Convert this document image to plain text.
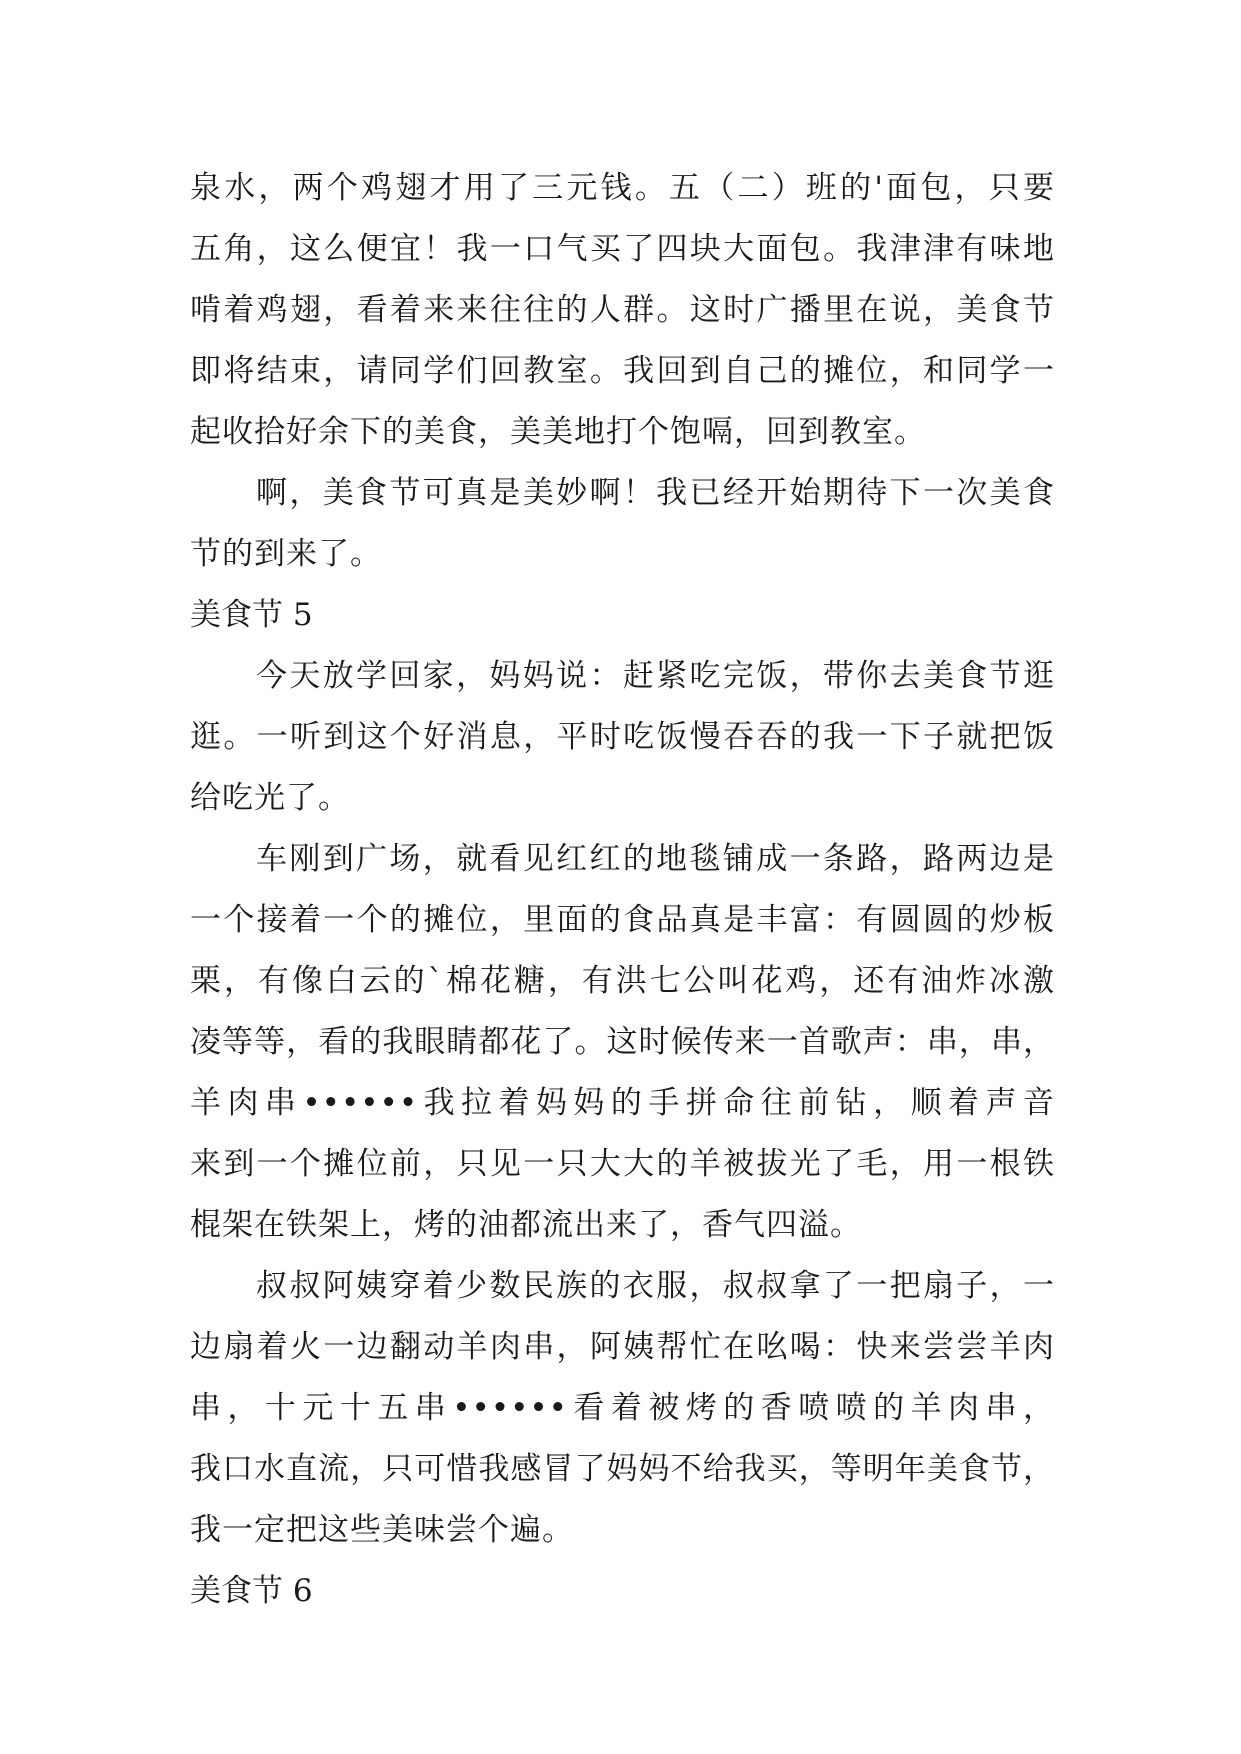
泉水，两个鸡翅才用了三元钱。五（二）班的'面包，只要
五角，这么便宜！我一口气买了四块大面包。我津津有味地
啃着鸡翅，看着来来往往的人群。这时广播里在说，美食节
即将结束，请同学们回教室。我回到自己的摊位，和同学一
起收拾好余下的美食，美美地打个饱嗝，回到教室。
啊，美食节可真是美妙啊！我已经开始期待下一次美食
节的到来了。
美食节 5
今天放学回家，妈妈说：赶紧吃完饭，带你去美食节逛
逛。一听到这个好消息，平时吃饭慢吞吞的我一下子就把饭
给吃光了。
车刚到广场，就看见红红的地毯铺成一条路，路两边是
一个接着一个的摊位，里面的食品真是丰富：有圆圆的炒板
栗，有像白云的`棉花糖，有洪七公叫花鸡，还有油炸冰激
凌等等，看的我眼睛都花了。这时候传来一首歌声：串，串，
羊肉串••••••我拉着妈妈的手拼命往前钻，顺着声音
来到一个摊位前，只见一只大大的羊被拔光了毛，用一根铁
棍架在铁架上，烤的油都流出来了，香气四溢。
叔叔阿姨穿着少数民族的衣服，叔叔拿了一把扇子，一
边扇着火一边翻动羊肉串，阿姨帮忙在吆喝：快来尝尝羊肉
串，十元十五串••••••看着被烤的香喷喷的羊肉串，
我口水直流，只可惜我感冒了妈妈不给我买，等明年美食节，
我一定把这些美味尝个遍。
美食节 6
